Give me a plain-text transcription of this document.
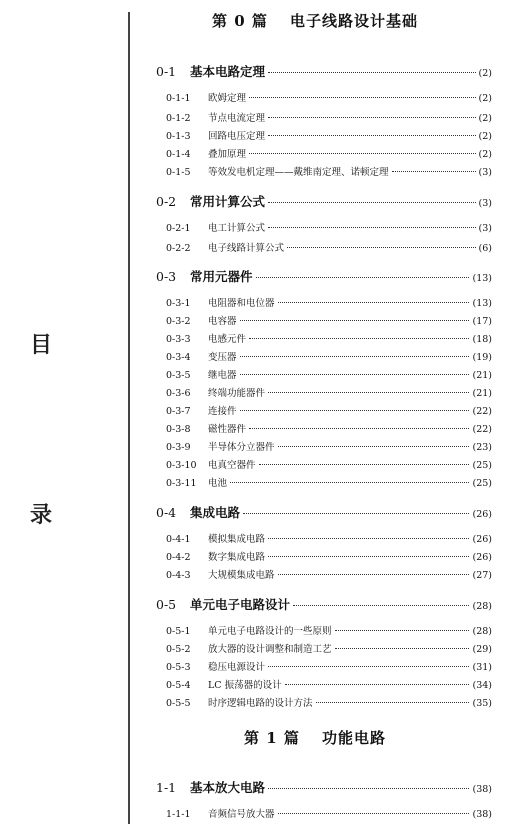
目
录
第 0 篇 电子线路设计基础
第 1 篇 功能电路
0-1	基本电路定理	(2)
0-1-1	欧姆定理	(2)
0-1-2	节点电流定理	(2)
0-1-3	回路电压定理	(2)
0-1-4	叠加原理	(2)
0-1-5	等效发电机定理——戴维南定理、诺顿定理	(3)
0-2	常用计算公式	(3)
0-2-1	电工计算公式	(3)
0-2-2	电子线路计算公式	(6)
0-3	常用元器件	(13)
0-3-1	电阻器和电位器	(13)
0-3-2	电容器	(17)
0-3-3	电感元件	(18)
0-3-4	变压器	(19)
0-3-5	继电器	(21)
0-3-6	终端功能器件	(21)
0-3-7	连接件	(22)
0-3-8	磁性器件	(22)
0-3-9	半导体分立器件	(23)
0-3-10	电真空器件	(25)
0-3-11	电池	(25)
0-4	集成电路	(26)
0-4-1	模拟集成电路	(26)
0-4-2	数字集成电路	(26)
0-4-3	大规模集成电路	(27)
0-5	单元电子电路设计	(28)
0-5-1	单元电子电路设计的一些原则	(28)
0-5-2	放大器的设计调整和制造工艺	(29)
0-5-3	稳压电源设计	(31)
0-5-4	LC 振荡器的设计	(34)
0-5-5	时序逻辑电路的设计方法	(35)
1-1	基本放大电路	(38)
1-1-1	音频信号放大器	(38)
